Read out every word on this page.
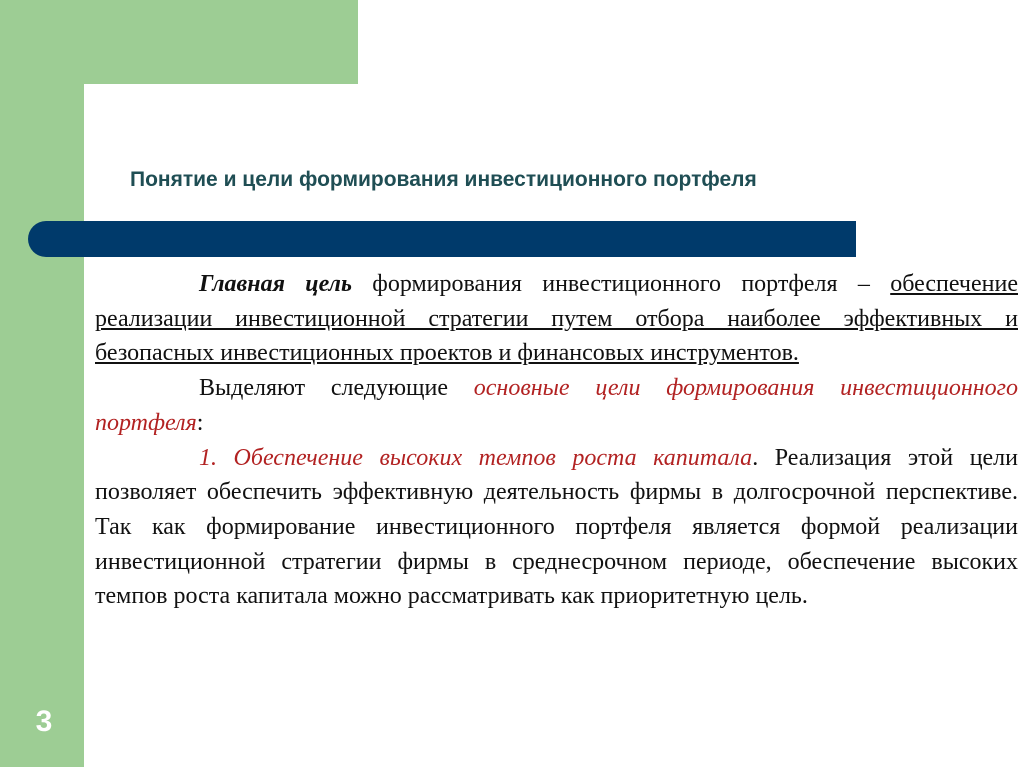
3
Понятие и цели формирования инвестиционного портфеля

Главная цель формирования инвестиционного портфеля – обеспечение реализации инвестиционной стратегии путем отбора наиболее эффективных и безопасных инвестиционных проектов и финансовых инструментов.

Выделяют следующие основные цели формирования инвестиционного портфеля:

1. Обеспечение высоких темпов роста капитала. Реализация этой цели позволяет обеспечить эффективную деятельность фирмы в долгосрочной перспективе. Так как формирование инвестиционного портфеля является формой реализации инвестиционной стратегии фирмы в среднесрочном периоде, обеспечение высоких темпов роста капитала можно рассматривать как приоритетную цель.
